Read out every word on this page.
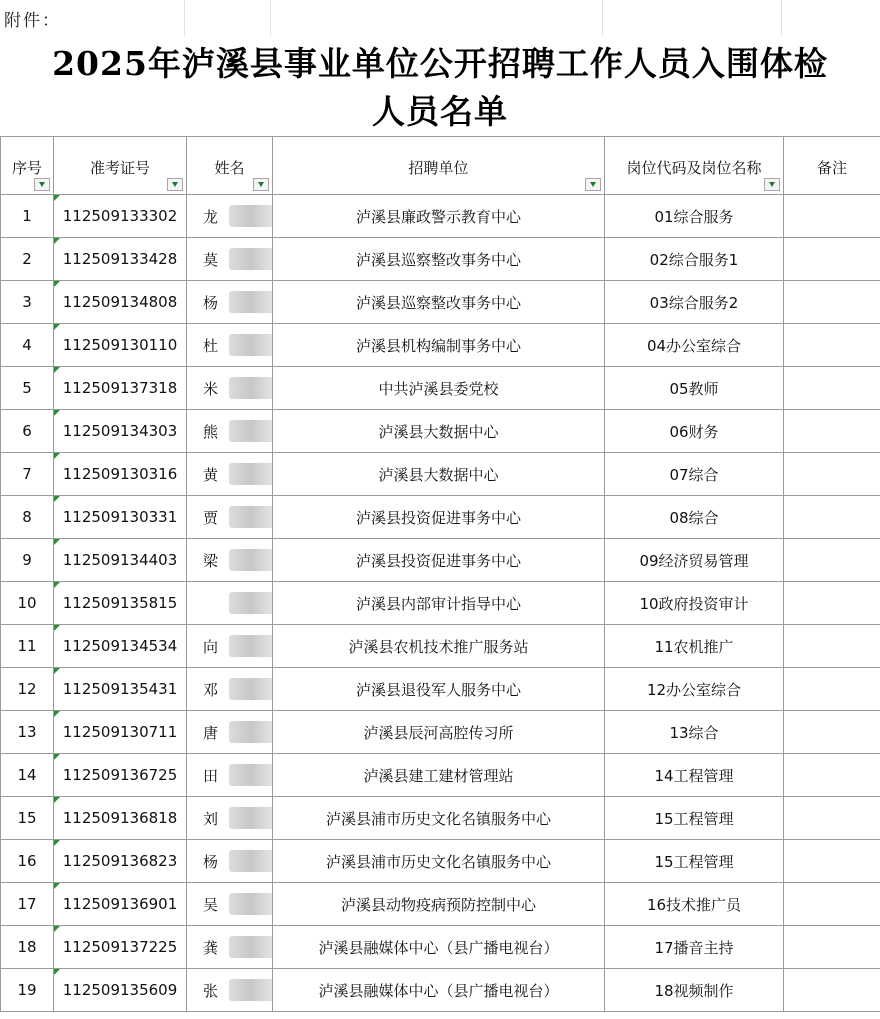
附件：
2025年泸溪县事业单位公开招聘工作人员入围体检
人员名单
序号	准考证号	姓名	招聘单位	岗位代码及岗位名称	备注
1	112509133302	龙	泸溪县廉政警示教育中心	01综合服务	
2	112509133428	莫	泸溪县巡察整改事务中心	02综合服务1	
3	112509134808	杨	泸溪县巡察整改事务中心	03综合服务2	
4	112509130110	杜	泸溪县机构编制事务中心	04办公室综合	
5	112509137318	米	中共泸溪县委党校	05教师	
6	112509134303	熊	泸溪县大数据中心	06财务	
7	112509130316	黄	泸溪县大数据中心	07综合	
8	112509130331	贾	泸溪县投资促进事务中心	08综合	
9	112509134403	梁	泸溪县投资促进事务中心	09经济贸易管理	
10	112509135815		泸溪县内部审计指导中心	10政府投资审计	
11	112509134534	向	泸溪县农机技术推广服务站	11农机推广	
12	112509135431	邓	泸溪县退役军人服务中心	12办公室综合	
13	112509130711	唐	泸溪县辰河高腔传习所	13综合	
14	112509136725	田	泸溪县建工建材管理站	14工程管理	
15	112509136818	刘	泸溪县浦市历史文化名镇服务中心	15工程管理	
16	112509136823	杨	泸溪县浦市历史文化名镇服务中心	15工程管理	
17	112509136901	吴	泸溪县动物疫病预防控制中心	16技术推广员	
18	112509137225	龚	泸溪县融媒体中心（县广播电视台）	17播音主持	
19	112509135609	张	泸溪县融媒体中心（县广播电视台）	18视频制作	
